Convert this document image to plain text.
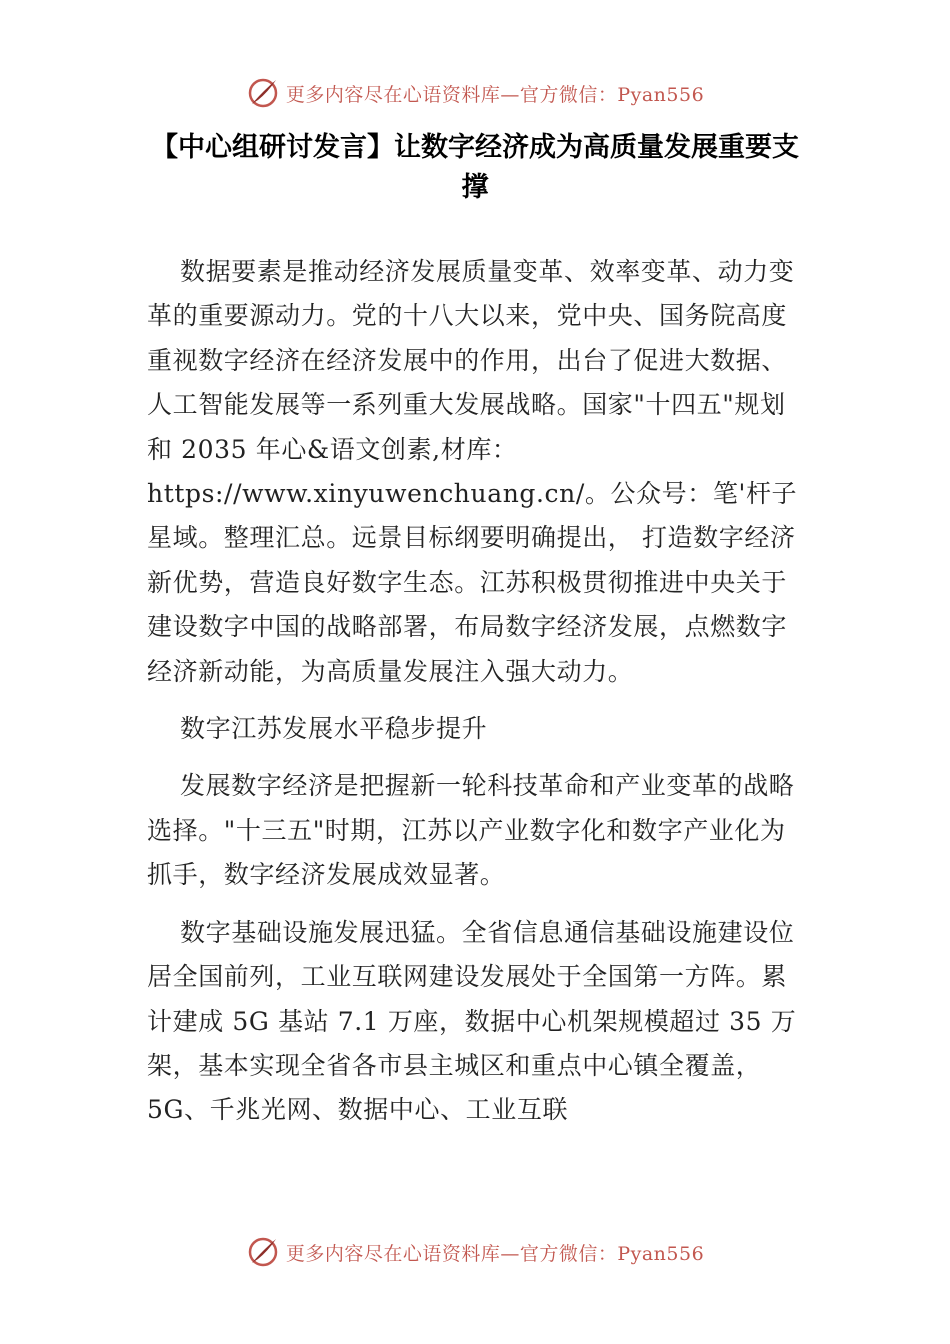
更多内容尽在心语资料库—官方微信：Pyan556
【中心组研讨发言】让数字经济成为高质量发展重要支撑

数据要素是推动经济发展质量变革、效率变革、动力变革的重要源动力。党的十八大以来，党中央、国务院高度重视数字经济在经济发展中的作用，出台了促进大数据、人工智能发展等一系列重大发展战略。国家"十四五"规划和 2035 年心&语文创素,材库：https://www.xinyuwenchuang.cn/。公众号：笔'杆子星域。整理汇总。远景目标纲要明确提出， 打造数字经济新优势，营造良好数字生态。江苏积极贯彻推进中央关于建设数字中国的战略部署，布局数字经济发展，点燃数字经济新动能，为高质量发展注入强大动力。

数字江苏发展水平稳步提升

发展数字经济是把握新一轮科技革命和产业变革的战略选择。"十三五"时期，江苏以产业数字化和数字产业化为抓手，数字经济发展成效显著。

数字基础设施发展迅猛。全省信息通信基础设施建设位居全国前列，工业互联网建设发展处于全国第一方阵。累计建成 5G 基站 7.1 万座，数据中心机架规模超过 35 万架，基本实现全省各市县主城区和重点中心镇全覆盖，5G、千兆光网、数据中心、工业互联

更多内容尽在心语资料库—官方微信：Pyan556
